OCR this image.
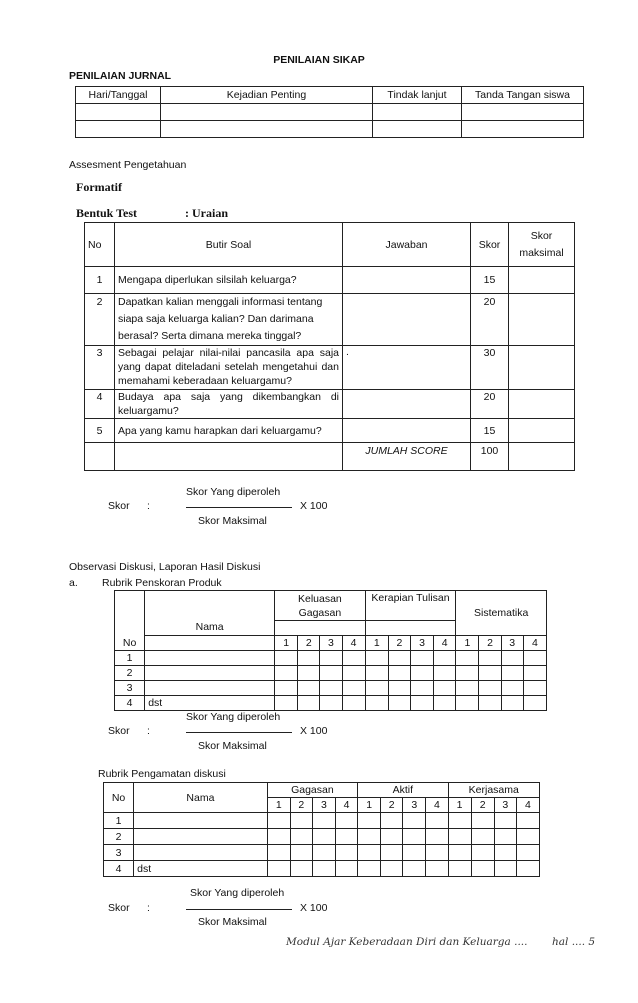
PENILAIAN SIKAP
PENILAIAN JURNAL
Hari/Tanggal	Kejadian Penting	Tindak lanjut	Tanda Tangan siswa

Assesment Pengetahuan
Formatif
Bentuk Test	: Uraian
No	Butir Soal	Jawaban	Skor	Skor maksimal
1	Mengapa diperlukan silsilah keluarga?		15	
2	Dapatkan kalian menggali informasi tentang siapa saja keluarga kalian? Dan darimana berasal? Serta dimana mereka tinggal?		20	
3	Sebagai pelajar nilai-nilai pancasila apa saja yang dapat diteladani setelah mengetahui dan memahami keberadaan keluargamu?	.	30	
4	Budaya apa saja yang dikembangkan di keluargamu?		20	
5	Apa yang kamu harapkan dari keluargamu?		15	
		JUMLAH SCORE	100	
Skor Yang diperoleh
Skor :	X 100
Skor Maksimal
Observasi Diskusi, Laporan Hasil Diskusi
a. Rubrik Penskoran Produk
	Nama	Keluasan Gagasan				Kerapian Tulisan				Sistematika			

No		1	2	3	4	1	2	3	4	1	2	3	4
1													
2													
3													
4	dst												
Skor Yang diperoleh
Skor :	X 100
Skor Maksimal
Rubrik Pengamatan diskusi
No	Nama	Gagasan				Aktif				Kerjasama			
		1	2	3	4	1	2	3	4	1	2	3	4
1													
2													
3													
4	dst												
Skor Yang diperoleh
Skor :	X 100
Skor Maksimal
Modul Ajar Keberadaan Diri dan Keluarga .... hal .... 5
